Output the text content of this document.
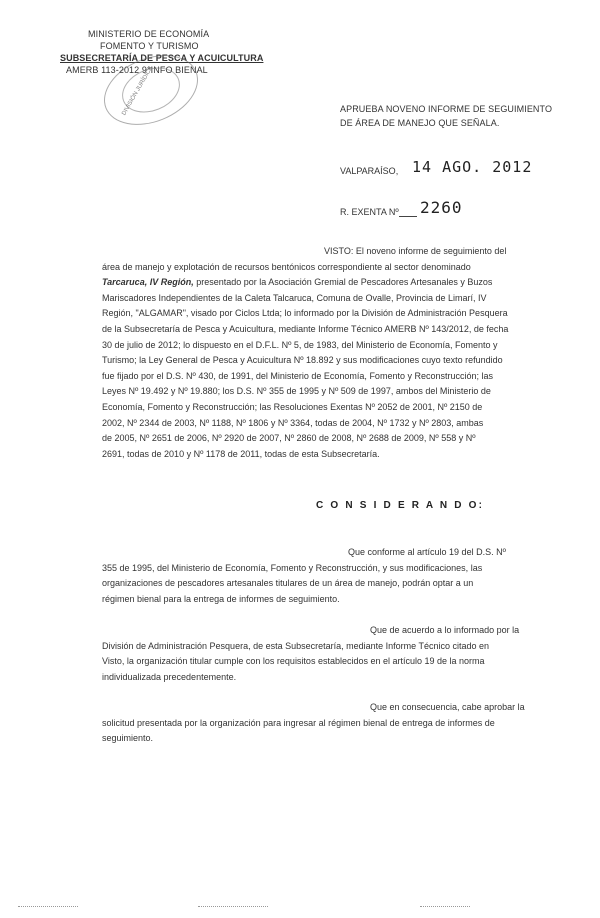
MINISTERIO DE ECONOMÍA
FOMENTO Y TURISMO
SUBSECRETARÍA DE PESCA Y ACUICULTURA
AMERB 113-2012 9°INFO BIENAL
DIVISIÓN JURÍDICA	APRUEBA NOVENO INFORME DE SEGUIMIENTO
DE ÁREA DE MANEJO QUE SEÑALA.
VALPARAÍSO, 14 AGO. 2012
R. EXENTA Nº 2260
VISTO: El noveno informe de seguimiento del
área de manejo y explotación de recursos bentónicos correspondiente al sector denominado
Tarcaruca, IV Región, presentado por la Asociación Gremial de Pescadores Artesanales y Buzos
Mariscadores Independientes de la Caleta Talcaruca, Comuna de Ovalle, Provincia de Limarí, IV
Región, "ALGAMAR", visado por Ciclos Ltda; lo informado por la División de Administración Pesquera
de la Subsecretaría de Pesca y Acuicultura, mediante Informe Técnico AMERB Nº 143/2012, de fecha
30 de julio de 2012; lo dispuesto en el D.F.L. Nº 5, de 1983, del Ministerio de Economía, Fomento y
Turismo; la Ley General de Pesca y Acuicultura Nº 18.892 y sus modificaciones cuyo texto refundido
fue fijado por el D.S. Nº 430, de 1991, del Ministerio de Economía, Fomento y Reconstrucción; las
Leyes Nº 19.492 y Nº 19.880; los D.S. Nº 355 de 1995 y Nº 509 de 1997, ambos del Ministerio de
Economía, Fomento y Reconstrucción; las Resoluciones Exentas Nº 2052 de 2001, Nº 2150 de
2002, Nº 2344 de 2003, Nº 1188, Nº 1806 y Nº 3364, todas de 2004, Nº 1732 y Nº 2803, ambas
de 2005, Nº 2651 de 2006, Nº 2920 de 2007, Nº 2860 de 2008, Nº 2688 de 2009, Nº 558 y Nº
2691, todas de 2010 y Nº 1178 de 2011, todas de esta Subsecretaría.
C O N S I D E R A N D O:
Que conforme al artículo 19 del D.S. Nº
355 de 1995, del Ministerio de Economía, Fomento y Reconstrucción, y sus modificaciones, las
organizaciones de pescadores artesanales titulares de un área de manejo, podrán optar a un
régimen bienal para la entrega de informes de seguimiento.
Que de acuerdo a lo informado por la
División de Administración Pesquera, de esta Subsecretaría, mediante Informe Técnico citado en
Visto, la organización titular cumple con los requisitos establecidos en el artículo 19 de la norma
individualizada precedentemente.
Que en consecuencia, cabe aprobar la
solicitud presentada por la organización para ingresar al régimen bienal de entrega de informes de
seguimiento.
